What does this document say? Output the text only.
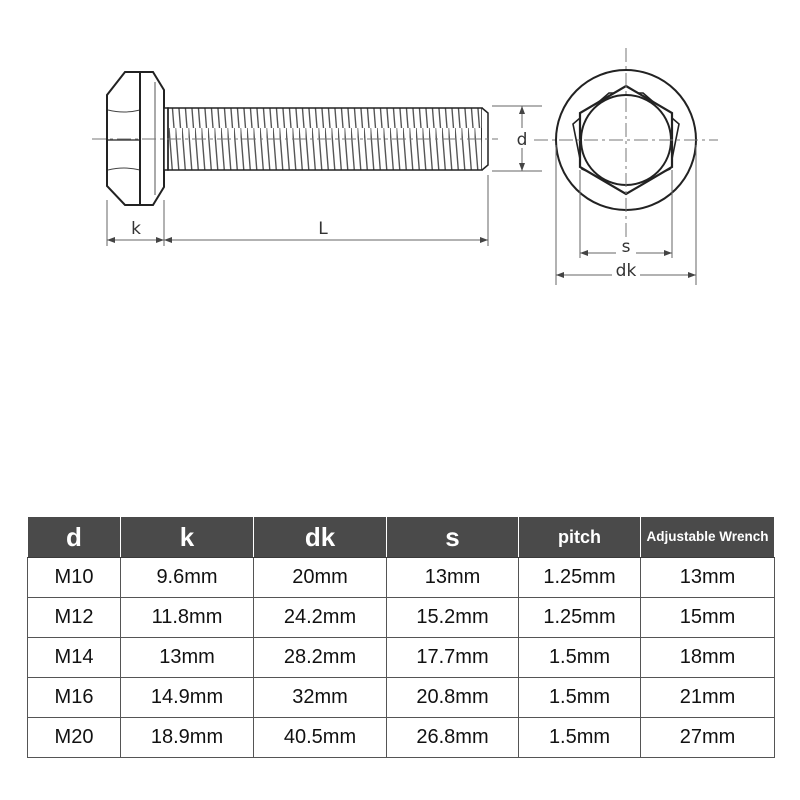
k	L
d
s
dk
d	k	dk	s	pitch	Adjustable Wrench
M10	9.6mm	20mm	13mm	1.25mm	13mm
M12	11.8mm	24.2mm	15.2mm	1.25mm	15mm
M14	13mm	28.2mm	17.7mm	1.5mm	18mm
M16	14.9mm	32mm	20.8mm	1.5mm	21mm
M20	18.9mm	40.5mm	26.8mm	1.5mm	27mm
